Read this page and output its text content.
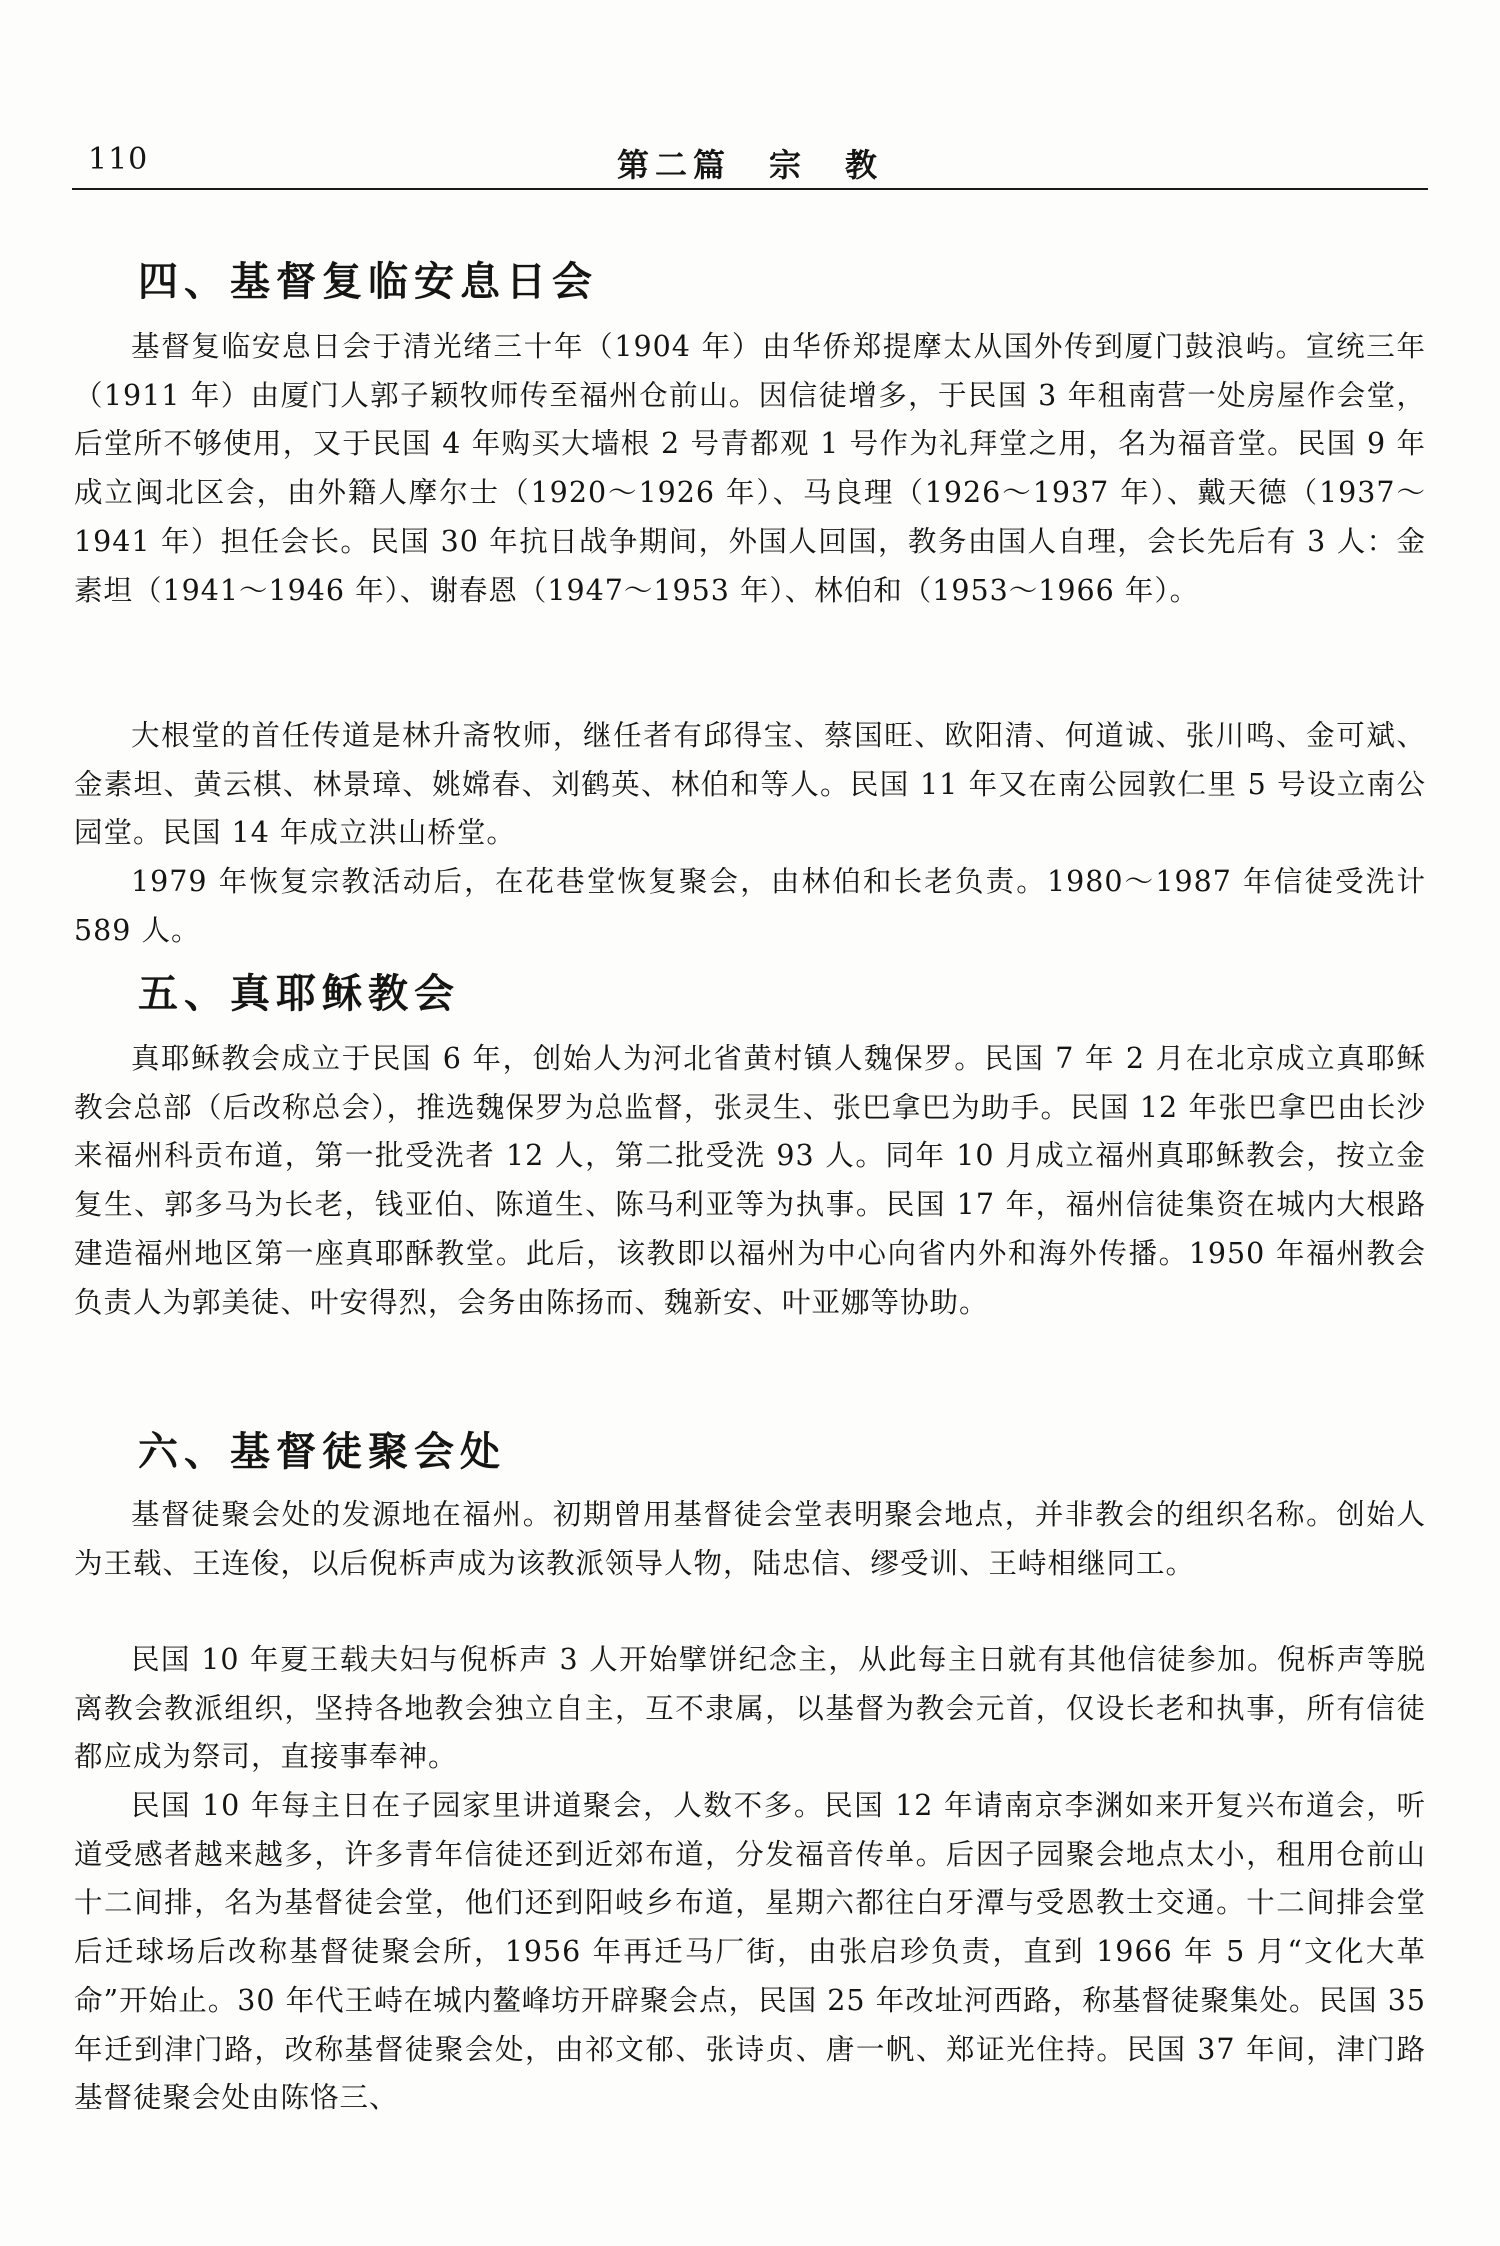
110	第二篇　宗　教
四、基督复临安息日会

基督复临安息日会于清光绪三十年（1904 年）由华侨郑提摩太从国外传到厦门鼓浪屿。宣统三年（1911 年）由厦门人郭子颖牧师传至福州仓前山。因信徒增多，于民国 3 年租南营一处房屋作会堂，后堂所不够使用，又于民国 4 年购买大墙根 2 号青都观 1 号作为礼拜堂之用，名为福音堂。民国 9 年成立闽北区会，由外籍人摩尔士（1920～1926 年）、马良理（1926～1937 年）、戴天德（1937～1941 年）担任会长。民国 30 年抗日战争期间，外国人回国，教务由国人自理，会长先后有 3 人：金素坦（1941～1946 年）、谢春恩（1947～1953 年）、林伯和（1953～1966 年）。

大根堂的首任传道是林升斋牧师，继任者有邱得宝、蔡国旺、欧阳清、何道诚、张川鸣、金可斌、金素坦、黄云棋、林景璋、姚嫦春、刘鹤英、林伯和等人。民国 11 年又在南公园敦仁里 5 号设立南公园堂。民国 14 年成立洪山桥堂。

1979 年恢复宗教活动后，在花巷堂恢复聚会，由林伯和长老负责。1980～1987 年信徒受洗计 589 人。

五、真耶稣教会

真耶稣教会成立于民国 6 年，创始人为河北省黄村镇人魏保罗。民国 7 年 2 月在北京成立真耶稣教会总部（后改称总会），推选魏保罗为总监督，张灵生、张巴拿巴为助手。民国 12 年张巴拿巴由长沙来福州科贡布道，第一批受洗者 12 人，第二批受洗 93 人。同年 10 月成立福州真耶稣教会，按立金复生、郭多马为长老，钱亚伯、陈道生、陈马利亚等为执事。民国 17 年，福州信徒集资在城内大根路建造福州地区第一座真耶酥教堂。此后，该教即以福州为中心向省内外和海外传播。1950 年福州教会负责人为郭美徒、叶安得烈，会务由陈扬而、魏新安、叶亚娜等协助。

六、基督徒聚会处

基督徒聚会处的发源地在福州。初期曾用基督徒会堂表明聚会地点，并非教会的组织名称。创始人为王载、王连俊，以后倪柝声成为该教派领导人物，陆忠信、缪受训、王峙相继同工。

民国 10 年夏王载夫妇与倪柝声 3 人开始擘饼纪念主，从此每主日就有其他信徒参加。倪柝声等脱离教会教派组织，坚持各地教会独立自主，互不隶属，以基督为教会元首，仅设长老和执事，所有信徒都应成为祭司，直接事奉神。

民国 10 年每主日在子园家里讲道聚会，人数不多。民国 12 年请南京李渊如来开复兴布道会，听道受感者越来越多，许多青年信徒还到近郊布道，分发福音传单。后因子园聚会地点太小，租用仓前山十二间排，名为基督徒会堂，他们还到阳岐乡布道，星期六都往白牙潭与受恩教士交通。十二间排会堂后迁球场后改称基督徒聚会所，1956 年再迁马厂街，由张启珍负责，直到 1966 年 5 月“文化大革命”开始止。30 年代王峙在城内鳌峰坊开辟聚会点，民国 25 年改址河西路，称基督徒聚集处。民国 35 年迁到津门路，改称基督徒聚会处，由祁文郁、张诗贞、唐一帆、郑证光住持。民国 37 年间，津门路基督徒聚会处由陈恪三、
